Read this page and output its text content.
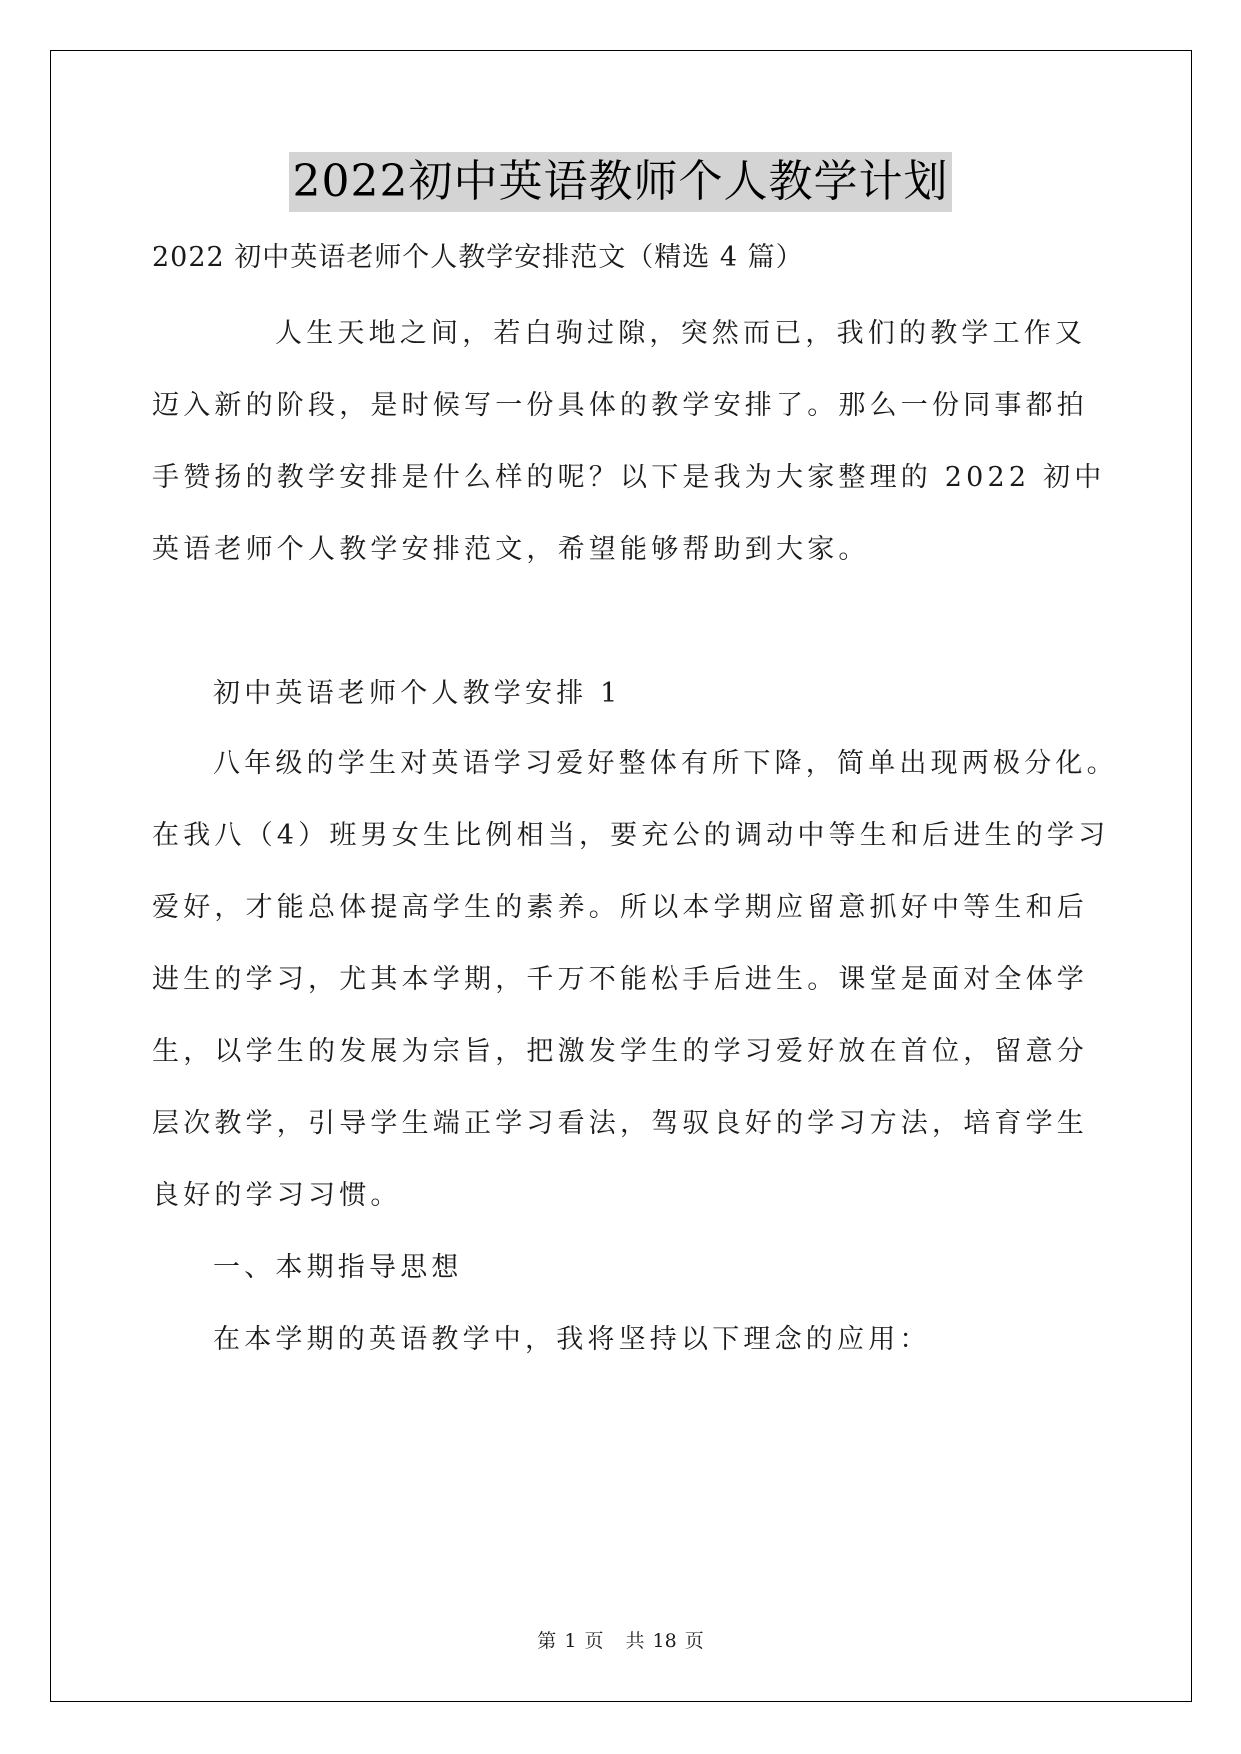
2022初中英语教师个人教学计划
2022 初中英语老师个人教学安排范文（精选 4 篇）
人生天地之间，若白驹过隙，突然而已，我们的教学工作又
迈入新的阶段，是时候写一份具体的教学安排了。那么一份同事都拍
手赞扬的教学安排是什么样的呢？以下是我为大家整理的 2022 初中
英语老师个人教学安排范文，希望能够帮助到大家。
初中英语老师个人教学安排 1
八年级的学生对英语学习爱好整体有所下降，简单出现两极分化。
在我八（4）班男女生比例相当，要充公的调动中等生和后进生的学习
爱好，才能总体提高学生的素养。所以本学期应留意抓好中等生和后
进生的学习，尤其本学期，千万不能松手后进生。课堂是面对全体学
生，以学生的发展为宗旨，把激发学生的学习爱好放在首位，留意分
层次教学，引导学生端正学习看法，驾驭良好的学习方法，培育学生
良好的学习习惯。
一、本期指导思想
在本学期的英语教学中，我将坚持以下理念的应用：
第 1 页 共 18 页
